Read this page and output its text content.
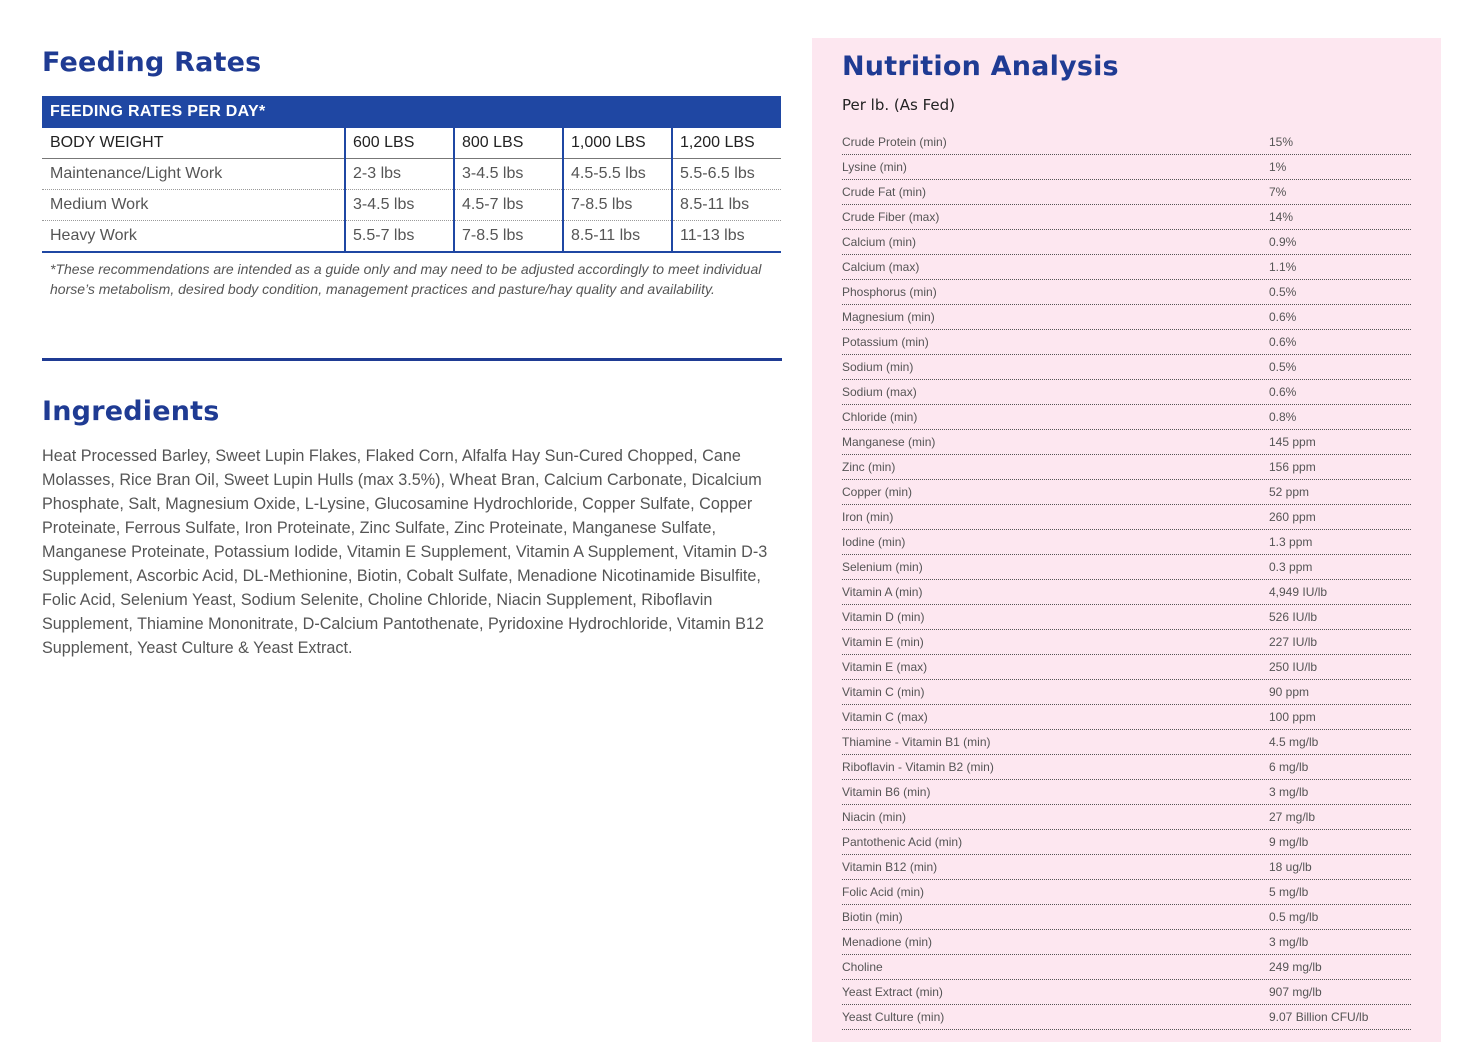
Feeding Rates
FEEDING RATES PER DAY*				
BODY WEIGHT	600 LBS	800 LBS	1,000 LBS	1,200 LBS
Maintenance/Light Work	2-3 lbs	3-4.5 lbs	4.5-5.5 lbs	5.5-6.5 lbs
Medium Work	3-4.5 lbs	4.5-7 lbs	7-8.5 lbs	8.5-11 lbs
Heavy Work	5.5-7 lbs	7-8.5 lbs	8.5-11 lbs	11-13 lbs
*These recommendations are intended as a guide only and may need to be adjusted accordingly to meet individual horse’s metabolism, desired body condition, management practices and pasture/hay quality and availability.
Ingredients
Heat Processed Barley, Sweet Lupin Flakes, Flaked Corn, Alfalfa Hay Sun-Cured Chopped, Cane Molasses, Rice Bran Oil, Sweet Lupin Hulls (max 3.5%), Wheat Bran, Calcium Carbonate, Dicalcium Phosphate, Salt, Magnesium Oxide, L-Lysine, Glucosamine Hydrochloride, Copper Sulfate, Copper Proteinate, Ferrous Sulfate, Iron Proteinate, Zinc Sulfate, Zinc Proteinate, Manganese Sulfate, Manganese Proteinate, Potassium Iodide, Vitamin E Supplement, Vitamin A Supplement, Vitamin D-3 Supplement, Ascorbic Acid, DL-Methionine, Biotin, Cobalt Sulfate, Menadione Nicotinamide Bisulfite, Folic Acid, Selenium Yeast, Sodium Selenite, Choline Chloride, Niacin Supplement, Riboflavin Supplement, Thiamine Mononitrate, D-Calcium Pantothenate, Pyridoxine Hydrochloride, Vitamin B12 Supplement, Yeast Culture & Yeast Extract.
Nutrition Analysis
Per lb. (As Fed)
Crude Protein (min)	15%
Lysine (min)	1%
Crude Fat (min)	7%
Crude Fiber (max)	14%
Calcium (min)	0.9%
Calcium (max)	1.1%
Phosphorus (min)	0.5%
Magnesium (min)	0.6%
Potassium (min)	0.6%
Sodium (min)	0.5%
Sodium (max)	0.6%
Chloride (min)	0.8%
Manganese (min)	145 ppm
Zinc (min)	156 ppm
Copper (min)	52 ppm
Iron (min)	260 ppm
Iodine (min)	1.3 ppm
Selenium (min)	0.3 ppm
Vitamin A (min)	4,949 IU/lb
Vitamin D (min)	526 IU/lb
Vitamin E (min)	227 IU/lb
Vitamin E (max)	250 IU/lb
Vitamin C (min)	90 ppm
Vitamin C (max)	100 ppm
Thiamine - Vitamin B1 (min)	4.5 mg/lb
Riboflavin - Vitamin B2 (min)	6 mg/lb
Vitamin B6 (min)	3 mg/lb
Niacin (min)	27 mg/lb
Pantothenic Acid (min)	9 mg/lb
Vitamin B12 (min)	18 ug/lb
Folic Acid (min)	5 mg/lb
Biotin (min)	0.5 mg/lb
Menadione (min)	3 mg/lb
Choline	249 mg/lb
Yeast Extract (min)	907 mg/lb
Yeast Culture (min)	9.07 Billion CFU/lb
